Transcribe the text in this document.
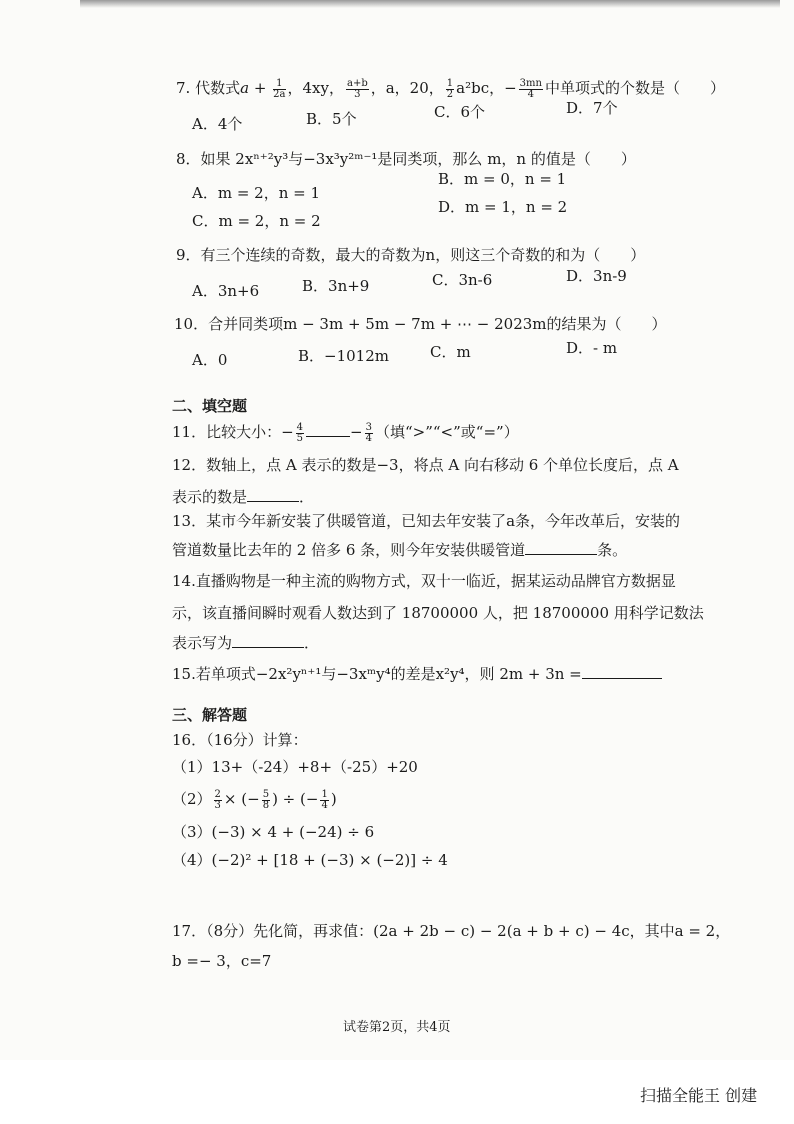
7. 代数式$a + \frac{1}{2a}$ ，4xy， $\frac{a+b}{3}$ ，a，20， $\frac{1}{2} a^2bc$，− $\frac{3mn}{4}$ 中单项式的个数是（　　）
A．4个	B．5个	C．6个	D．7个
8．如果 2xⁿ⁺²y³与−3x³y²ᵐ⁻¹是同类项，那么 m，n 的值是（　　）
A．m = 2，n = 1
B．m = 0，n = 1
C．m = 2，n = 2
D．m = 1，n = 2
9．有三个连续的奇数，最大的奇数为n，则这三个奇数的和为（　　）
A．3n+6	B．3n+9	C．3n-6	D．3n-9
10．合并同类项m − 3m + 5m − 7m + ⋯ − 2023m的结果为（　　）
A．0	B．−1012m	C．m	D．- m
二、填空题
11．比较大小：− $\frac{4}{5}$	− $\frac{3}{4}$ （填“>”“<”或“=”）
12．数轴上，点 A 表示的数是−3，将点 A 向右移动 6 个单位长度后，点 A
表示的数是	．
13．某市今年新安装了供暖管道，已知去年安装了a条，今年改革后，安装的
管道数量比去年的 2 倍多 6 条，则今年安装供暖管道	条。
14.直播购物是一种主流的购物方式，双十一临近，据某运动品牌官方数据显
示，该直播间瞬时观看人数达到了 18700000 人，把 18700000 用科学记数法
表示写为	．
15.若单项式−2x²yⁿ⁺¹与−3xᵐy⁴的差是x²y⁴，则 2m + 3n =
三、解答题
16．（16分）计算：
（1）13+（-24）+8+（-25）+20
$(2) \frac{2}{3}$ × (− $\frac{5}{8}$ ) ÷ (− $\frac{1}{4}$ )
（3）(−3) × 4 + (−24) ÷ 6
（4）(−2)² + [18 + (−3) × (−2)] ÷ 4
17．（8分）先化简，再求值：(2a + 2b − c) − 2(a + b + c) − 4c，其中a = 2，
b =− 3，c=7
试卷第2页，共4页
扫描全能王 创建
